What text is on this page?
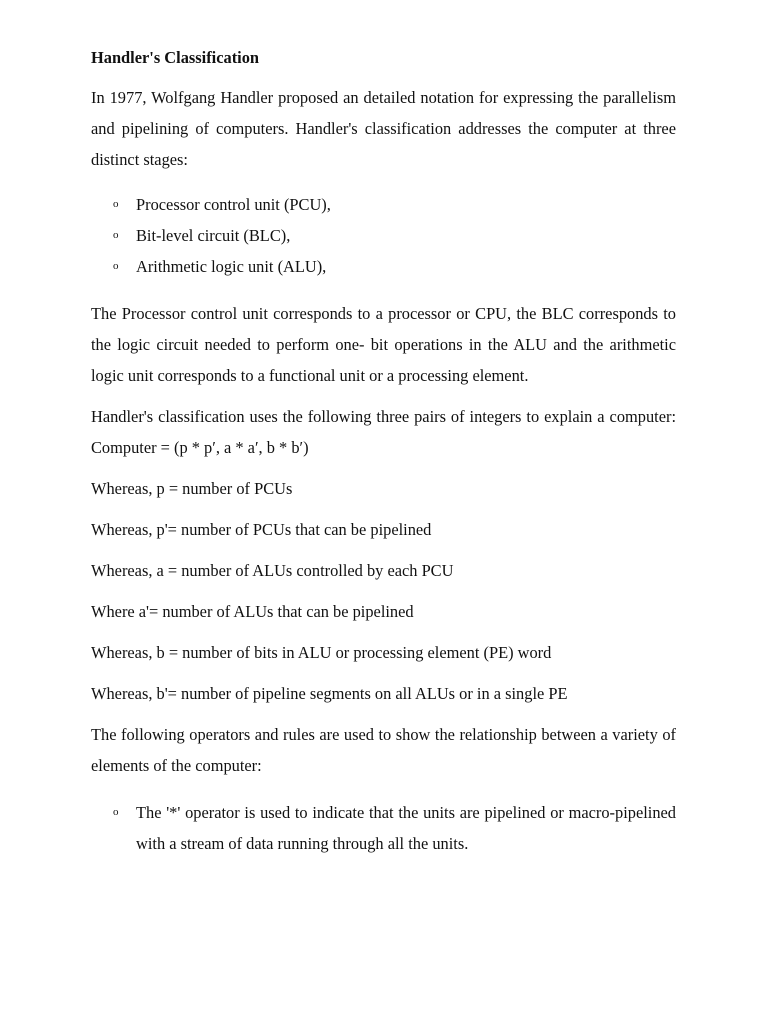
Handler's Classification

In 1977, Wolfgang Handler proposed an detailed notation for expressing the parallelism and pipelining of computers. Handler's classification addresses the computer at three distinct stages:

o Processor control unit (PCU),
o Bit-level circuit (BLC),
o Arithmetic logic unit (ALU),

The Processor control unit corresponds to a processor or CPU, the BLC corresponds to the logic circuit needed to perform one- bit operations in the ALU and the arithmetic logic unit corresponds to a functional unit or a processing element.

Handler's classification uses the following three pairs of integers to explain a computer: Computer = (p * p′, a * a′, b * b′)

Whereas, p = number of PCUs

Whereas, p'= number of PCUs that can be pipelined

Whereas, a = number of ALUs controlled by each PCU

Where a'= number of ALUs that can be pipelined

Whereas, b = number of bits in ALU or processing element (PE) word

Whereas, b'= number of pipeline segments on all ALUs or in a single PE

The following operators and rules are used to show the relationship between a variety of elements of the computer:

o The '*' operator is used to indicate that the units are pipelined or macro-pipelined with a stream of data running through all the units.
